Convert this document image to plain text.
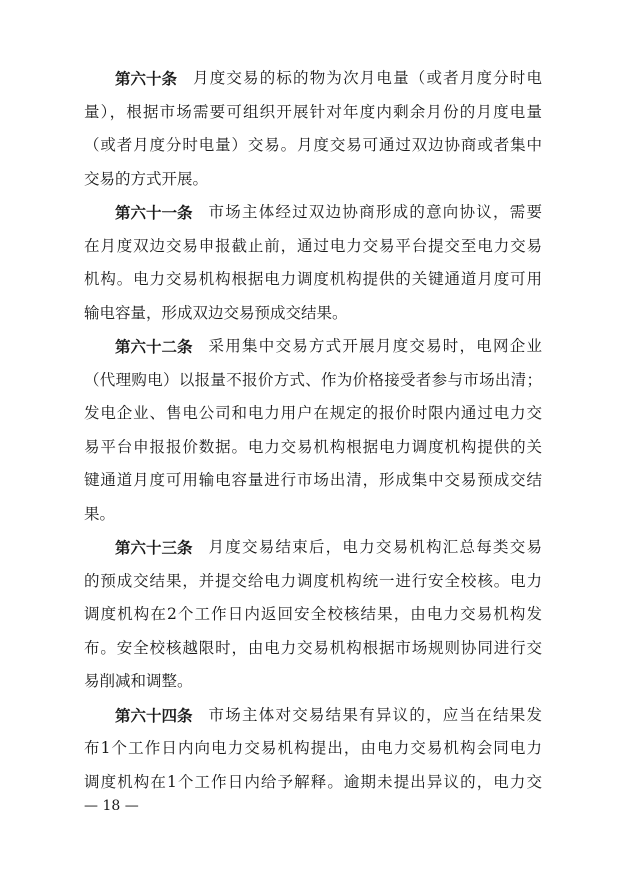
第六十条 月度交易的标的物为次月电量（或者月度分时电
量），根据市场需要可组织开展针对年度内剩余月份的月度电量
（或者月度分时电量）交易。月度交易可通过双边协商或者集中
交易的方式开展。
第六十一条 市场主体经过双边协商形成的意向协议，需要
在月度双边交易申报截止前，通过电力交易平台提交至电力交易
机构。电力交易机构根据电力调度机构提供的关键通道月度可用
输电容量，形成双边交易预成交结果。
第六十二条 采用集中交易方式开展月度交易时，电网企业
（代理购电）以报量不报价方式、作为价格接受者参与市场出清；
发电企业、售电公司和电力用户在规定的报价时限内通过电力交
易平台申报报价数据。电力交易机构根据电力调度机构提供的关
键通道月度可用输电容量进行市场出清，形成集中交易预成交结
果。
第六十三条 月度交易结束后，电力交易机构汇总每类交易
的预成交结果，并提交给电力调度机构统一进行安全校核。电力
调度机构在2个工作日内返回安全校核结果，由电力交易机构发
布。安全校核越限时，由电力交易机构根据市场规则协同进行交
易削减和调整。
第六十四条 市场主体对交易结果有异议的，应当在结果发
布1个工作日内向电力交易机构提出，由电力交易机构会同电力
调度机构在1个工作日内给予解释。逾期未提出异议的，电力交
— 18 —
